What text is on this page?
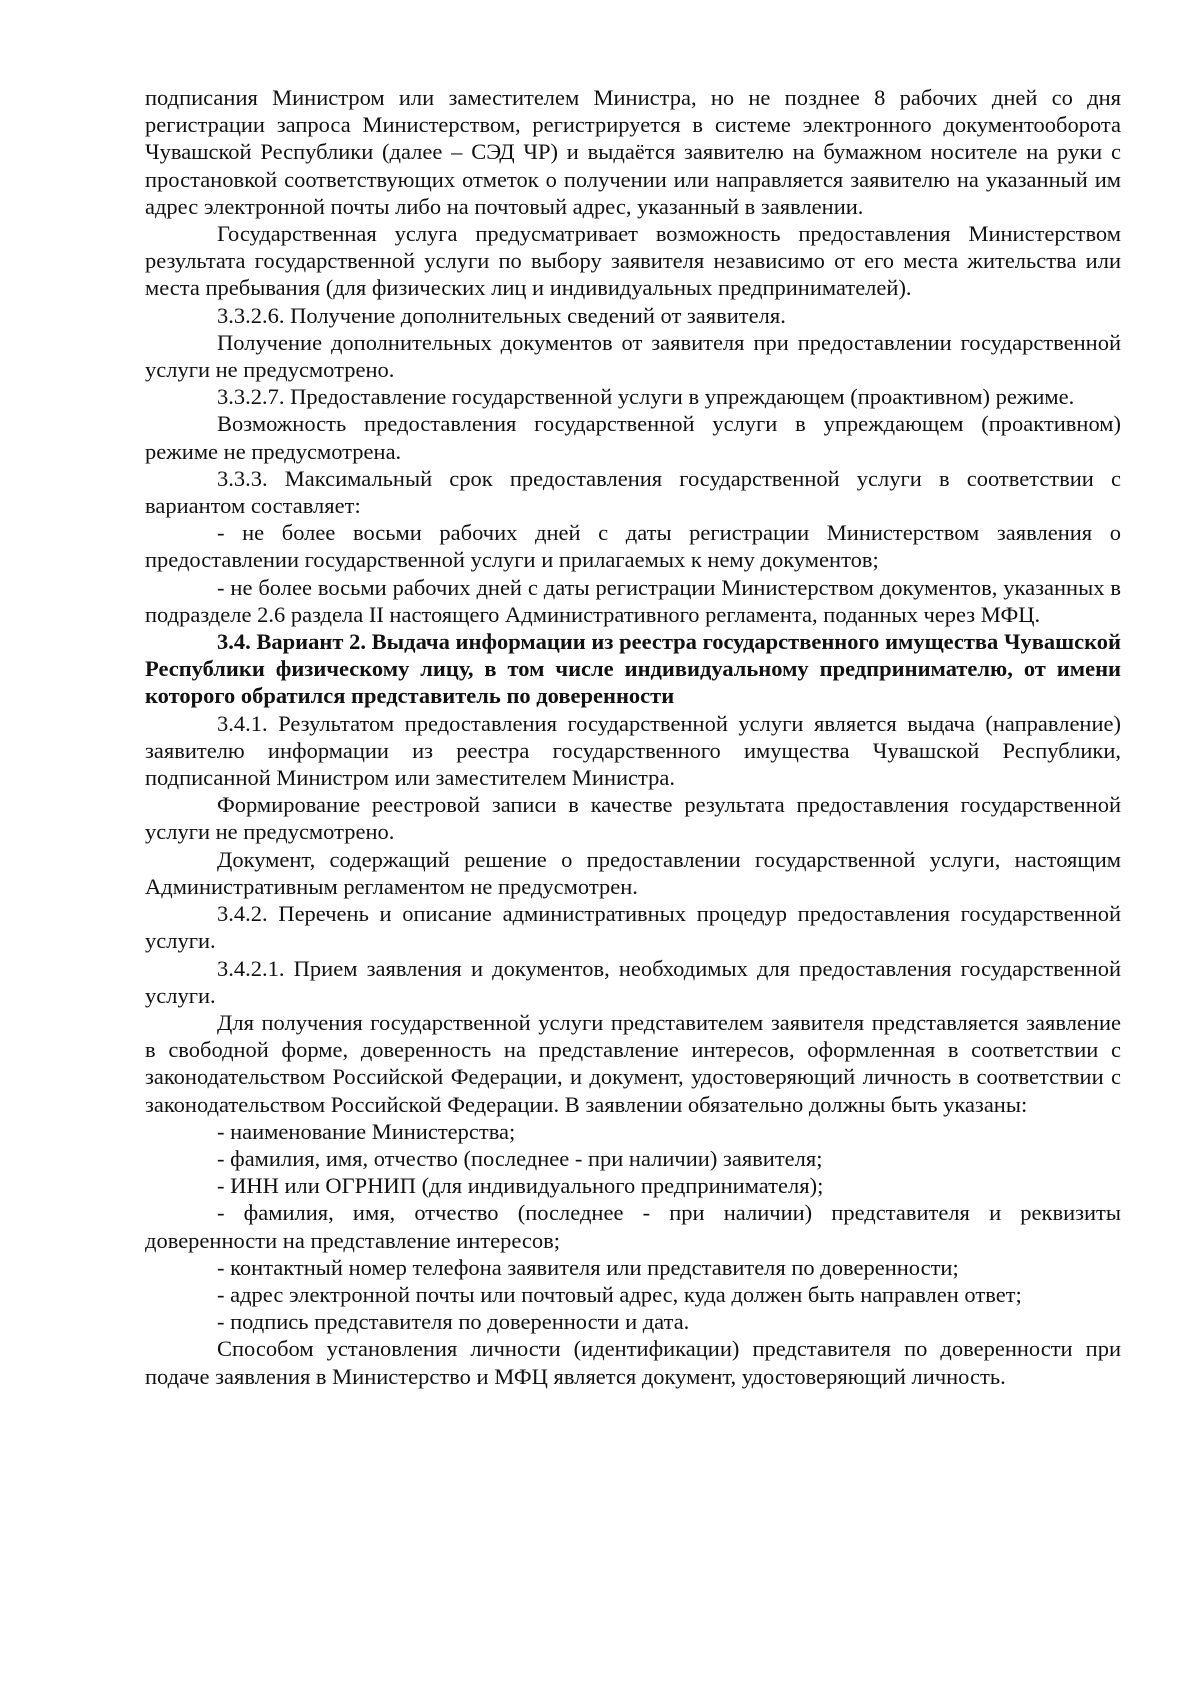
подписания Министром или заместителем Министра, но не позднее 8 рабочих дней со дня регистрации запроса Министерством, регистрируется в системе электронного документооборота Чувашской Республики (далее – СЭД ЧР) и выдаётся заявителю на бумажном носителе на руки с простановкой соответствующих отметок о получении или направляется заявителю на указанный им адрес электронной почты либо на почтовый адрес, указанный в заявлении.

Государственная услуга предусматривает возможность предоставления Министерством результата государственной услуги по выбору заявителя независимо от его места жительства или места пребывания (для физических лиц и индивидуальных предпринимателей).

3.3.2.6. Получение дополнительных сведений от заявителя.

Получение дополнительных документов от заявителя при предоставлении государственной услуги не предусмотрено.

3.3.2.7. Предоставление государственной услуги в упреждающем (проактивном) режиме.

Возможность предоставления государственной услуги в упреждающем (проактивном) режиме не предусмотрена.

3.3.3. Максимальный срок предоставления государственной услуги в соответствии с вариантом составляет:

- не более восьми рабочих дней с даты регистрации Министерством заявления о предоставлении государственной услуги и прилагаемых к нему документов;

- не более восьми рабочих дней с даты регистрации Министерством документов, указанных в подразделе 2.6 раздела II настоящего Административного регламента, поданных через МФЦ.

3.4. Вариант 2. Выдача информации из реестра государственного имущества Чувашской Республики физическому лицу, в том числе индивидуальному предпринимателю, от имени которого обратился представитель по доверенности

3.4.1. Результатом предоставления государственной услуги является выдача (направление) заявителю информации из реестра государственного имущества Чувашской Республики, подписанной Министром или заместителем Министра.

Формирование реестровой записи в качестве результата предоставления государственной услуги не предусмотрено.

Документ, содержащий решение о предоставлении государственной услуги, настоящим Административным регламентом не предусмотрен.

3.4.2. Перечень и описание административных процедур предоставления государственной услуги.

3.4.2.1. Прием заявления и документов, необходимых для предоставления государственной услуги.

Для получения государственной услуги представителем заявителя представляется заявление в свободной форме, доверенность на представление интересов, оформленная в соответствии с законодательством Российской Федерации, и документ, удостоверяющий личность в соответствии с законодательством Российской Федерации. В заявлении обязательно должны быть указаны:

- наименование Министерства;

- фамилия, имя, отчество (последнее - при наличии) заявителя;

- ИНН или ОГРНИП (для индивидуального предпринимателя);

- фамилия, имя, отчество (последнее - при наличии) представителя и реквизиты доверенности на представление интересов;

- контактный номер телефона заявителя или представителя по доверенности;

- адрес электронной почты или почтовый адрес, куда должен быть направлен ответ;

- подпись представителя по доверенности и дата.

Способом установления личности (идентификации) представителя по доверенности при подаче заявления в Министерство и МФЦ является документ, удостоверяющий личность.
